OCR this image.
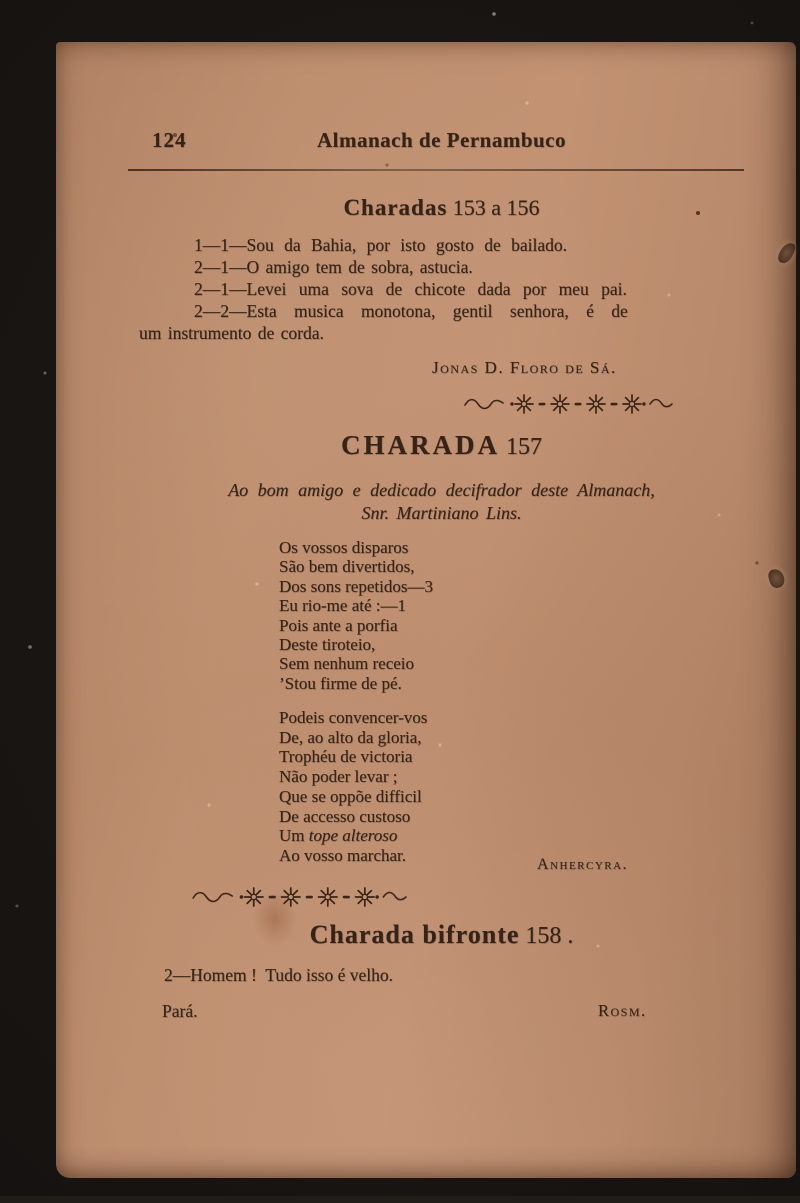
124	Almanach de Pernambuco
Charadas 153 a 156
1—1—Sou da Bahia, por isto gosto de bailado.
2—1—O amigo tem de sobra, astucia.
2—1—Levei uma sova de chicote dada por meu pai.
2—2—Esta musica monotona, gentil senhora, é de
um instrumento de corda.
Jonas D. Floro de Sá.
CHARADA 157
Ao bom amigo e dedicado decifrador deste Almanach,
Snr. Martiniano Lins.
Os vossos disparos
São bem divertidos,
Dos sons repetidos—3
Eu rio-me até :—1
Pois ante a porfia
Deste tiroteio,
Sem nenhum receio
’Stou firme de pé.
Podeis convencer-vos
De, ao alto da gloria,
Trophéu de victoria
Não poder levar ;
Que se oppõe difficil
De accesso custoso
Um tope alteroso
Ao vosso marchar.	Anhercyra.
Charada bifronte 158 .
2—Homem !  Tudo isso é velho.
Pará.	Rosm.
